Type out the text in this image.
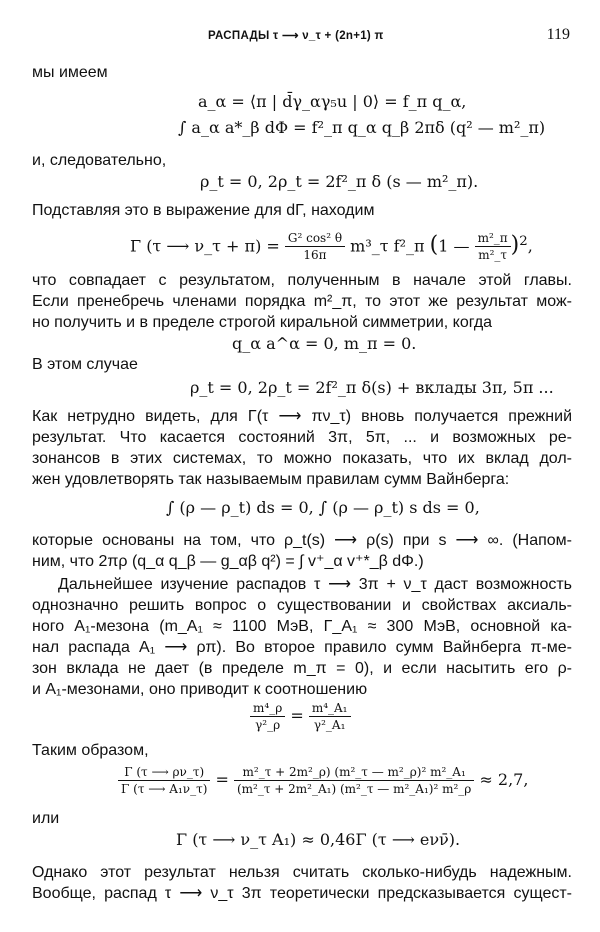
РАСПАДЫ τ ⟶ ν_τ + (2n+1) π	119
мы имеем
a_α = ⟨π | d̄γ_αγ₅u | 0⟩ = f_π q_α,
∫ a_α a*_β dΦ = f²_π q_α q_β 2πδ (q² — m²_π)
и, следовательно,
ρ_t = 0, 2ρ_t = 2f²_π δ (s — m²_π).
Подставляя это в выражение для dΓ, находим
Γ (τ ⟶ ν_τ + $\pi) = \frac{\text{G² cos² θ}}{16\pi}$ m³_τ f²_π (1 — $\frac{\text{m²\_π}}{\text{m²\_τ}} )^2$,
что совпадает с результатом, полученным в начале этой главы.
Если пренебречь членами порядка m²_π, то этот же результат мож-
но получить и в пределе строгой киральной симметрии, когда
q_α a^α = 0, m_π = 0.
В этом случае
ρ_t = 0, 2ρ_t = 2f²_π δ(s) + вклады 3π, 5π ...
Как нетрудно видеть, для Γ(τ ⟶ πν_τ) вновь получается прежний
результат. Что касается состояний 3π, 5π, ... и возможных ре-
зонансов в этих системах, то можно показать, что их вклад дол-
жен удовлетворять так называемым правилам сумм Вайнберга:
∫ (ρ — ρ_t) ds = 0, ∫ (ρ — ρ_t) s ds = 0,
которые основаны на том, что ρ_t(s) ⟶ ρ(s) при s ⟶ ∞. (Напом-
ним, что 2πρ (q_α q_β — g_αβ q²) = ∫ v⁺_α v⁺*_β dΦ.)
Дальнейшее изучение распадов τ ⟶ 3π + ν_τ даст возможность
однозначно решить вопрос о существовании и свойствах аксиаль-
ного A₁-мезона (m_A₁ ≈ 1100 МэВ, Γ_A₁ ≈ 300 МэВ, основной ка-
нал распада A₁ ⟶ ρπ). Во второе правило сумм Вайнберга π-ме-
зон вклада не дает (в пределе m_π = 0), и если насытить его ρ-
и A₁-мезонами, оно приводит к соотношению
$\frac{\text{m⁴\_ρ}}{\text{γ²\_ρ}} = \frac{\text{m⁴\_A₁}}{\text{γ²\_A₁}}$
Таким образом,
$\frac{\Gamma (\tau ⟶ \rho\nu\_\tau)}{\text{Γ (τ ⟶ A₁ν\_τ)}} = \frac{\text{m²\_τ + 2m²\_ρ) (m²\_τ — m²\_ρ)² m²\_A₁}}{\text{(m²\_τ + 2m²\_A₁) (m²\_τ — m²\_A₁)² m²\_ρ}} \approx 2,7$,
или
Γ (τ ⟶ ν_τ A₁) ≈ 0,46Γ (τ ⟶ eνν̄).
Однако этот результат нельзя считать сколько-нибудь надежным.
Вообще, распад τ ⟶ ν_τ 3π теоретически предсказывается сущест-
